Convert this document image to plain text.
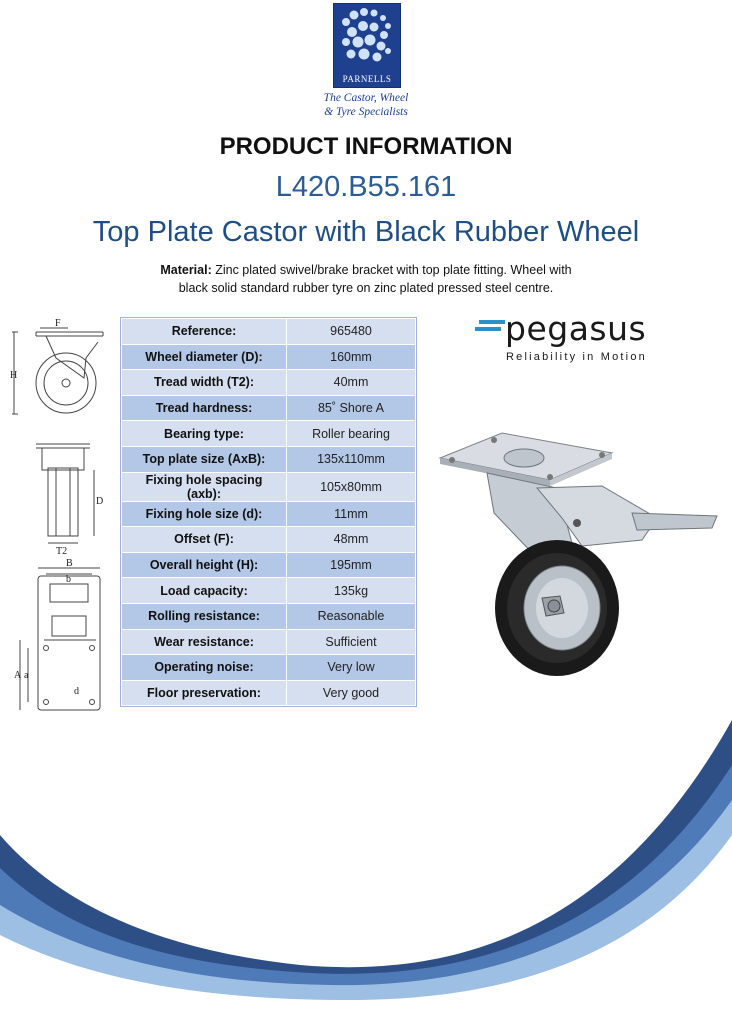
PARNELLS
The Castor, Wheel
& Tyre Specialists
PRODUCT INFORMATION
L420.B55.161
Top Plate Castor with Black Rubber Wheel
Material: Zinc plated swivel/brake bracket with top plate fitting. Wheel with
black solid standard rubber tyre on zinc plated pressed steel centre.
F
H
D
T2
B
b
A a
d
Reference:	965480
Wheel diameter (D):	160mm
Tread width (T2):	40mm
Tread hardness:	85˚ Shore A
Bearing type:	Roller bearing
Top plate size (AxB):	135x110mm
Fixing hole spacing (axb):	105x80mm
Fixing hole size (d):	11mm
Offset (F):	48mm
Overall height (H):	195mm
Load capacity:	135kg
Rolling resistance:	Reasonable
Wear resistance:	Sufficient
Operating noise:	Very low
Floor preservation:	Very good
pegasus
Reliability in Motion
